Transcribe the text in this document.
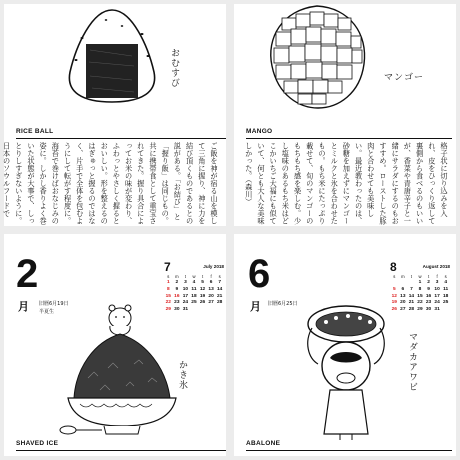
おむすび
RICE BALL
ご飯を神が宿る山を模して三角に握り、神に力を結び頂くものであるとの説がある。「お結び」と「握り飯」は同じもの。共に携帯食として重宝されてきた。握り具合によってお米の味が変わり、ふわっとやさしく握るとおいしい。形を整えるのはぎゅっと握るのではなく、片手で全体を包むようにして転がす程度に。海苔で巻けばおなじみの姿に。しかし香りよく巻いた状態が大事で、しっとりしすぎないように。日本のソウルフードで
マンゴー
MANGO
格子状に切り込みを入れ、皮をひっくり返して裏側から食べるのもいいが、香菜や青唐辛子と一緒にサラダにするのもおすすめ。ローストした豚肉と合わせても美味しい。最近教わったのは、砂糖を加えずにマンゴーとミルクと氷を合わせたもの。もち米にたっぷり載せて、旬のマンゴーのもちもち感を楽しむ。少し塩味のあるもち米はどこかいちご大福にも似ていて、何とも大人な美味しかった。（森川）
2
月 旧暦6月19日
半夏生
7	July 2018
s	m	t	w	t	f	s
1	2	3	4	5	6	7
8	9	10	11	12	13	14
15	16	17	18	19	20	21
22	23	24	25	26	27	28
29	30	31				
かき氷
SHAVED ICE
6
月 旧暦6月25日
8	August 2018
s	m	t	w	t	f	s
			1	2	3	4
5	6	7	8	9	10	11
12	13	14	15	16	17	18
19	20	21	22	23	24	25
26	27	28	29	30	31	
マダカアワビ
ABALONE
